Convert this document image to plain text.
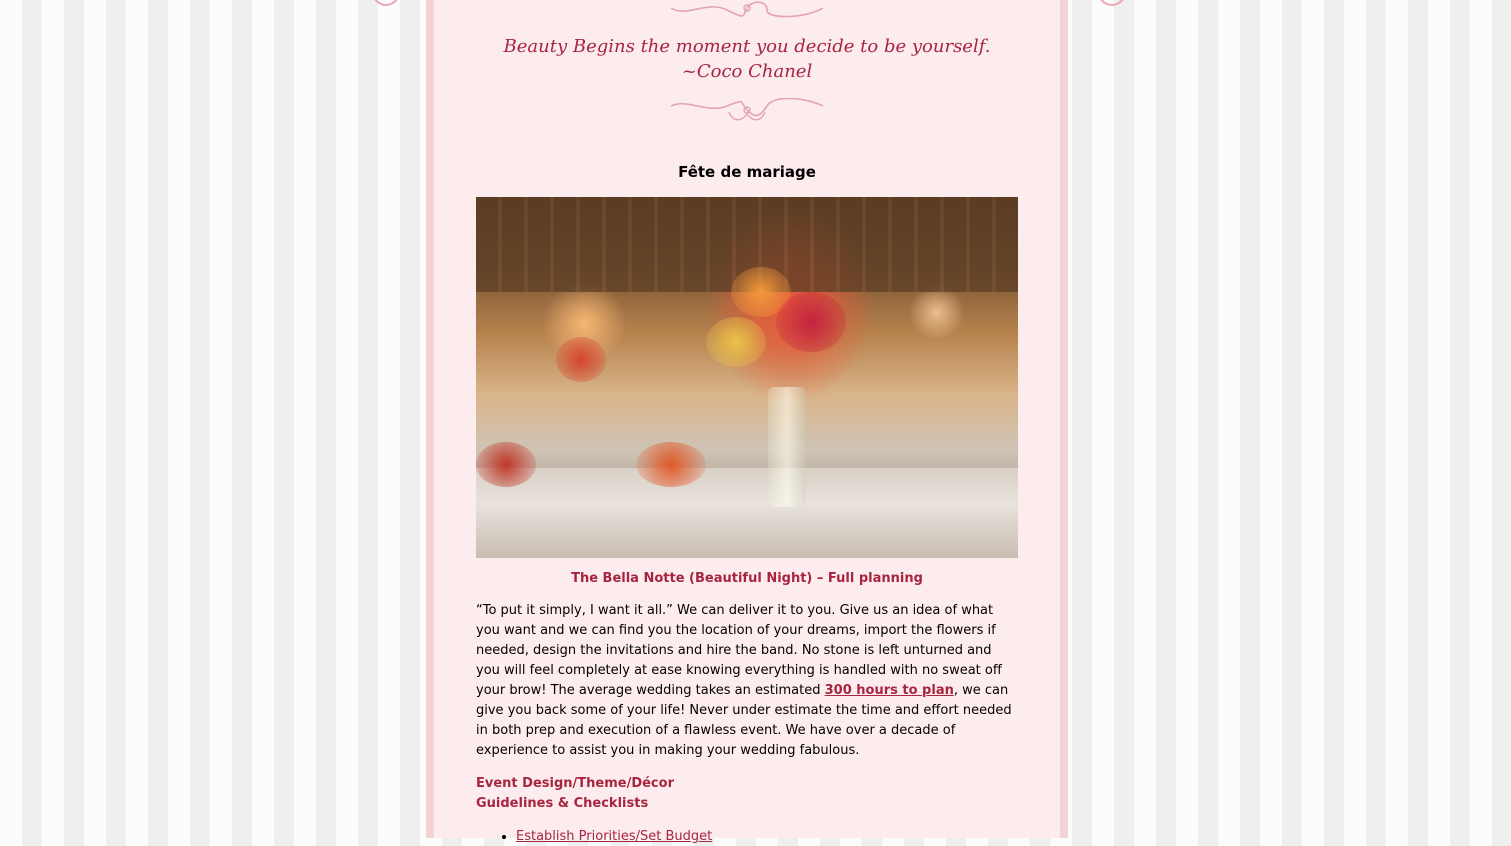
Beauty Begins the moment you decide to be yourself.
~Coco Chanel
Fête de mariage
The Bella Notte (Beautiful Night) – Full planning

“To put it simply, I want it all.” We can deliver it to you. Give us an idea of what you want and we can find you the location of your dreams, import the flowers if needed, design the invitations and hire the band. No stone is left unturned and you will feel completely at ease knowing everything is handled with no sweat off your brow! The average wedding takes an estimated 300 hours to plan, we can give you back some of your life! Never under estimate the time and effort needed in both prep and execution of a flawless event. We have over a decade of experience to assist you in making your wedding fabulous.

Event Design/Theme/Décor
Guidelines & Checklists
• Establish Priorities/Set Budget
